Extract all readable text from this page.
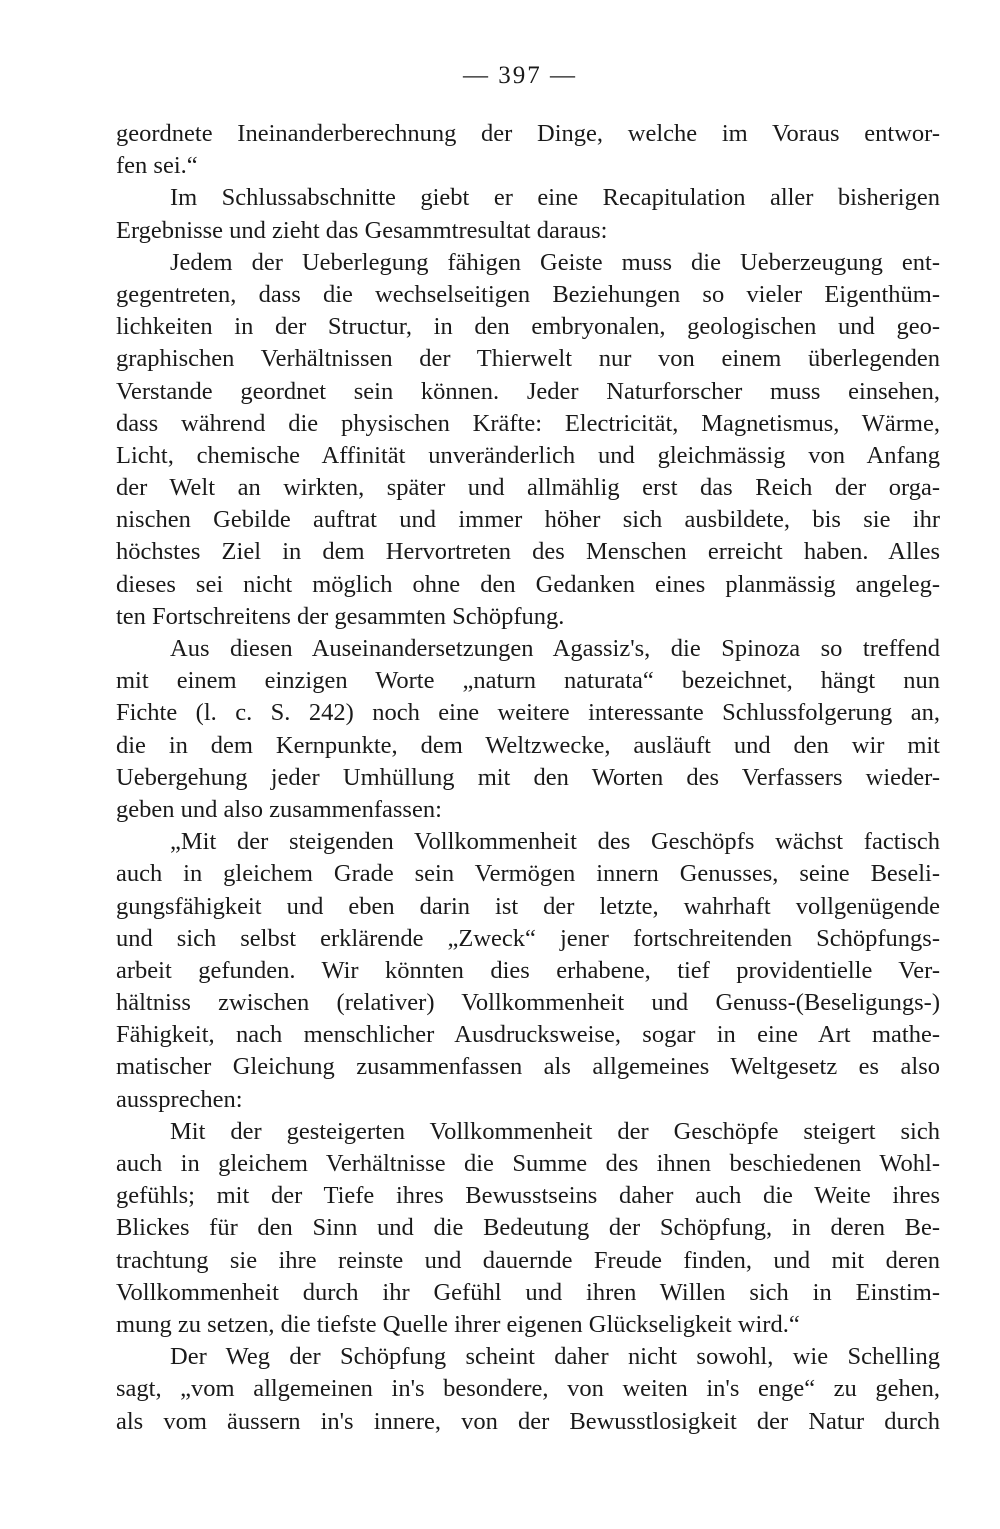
— 397 —
geordnete Ineinanderberechnung der Dinge, welche im Voraus entwor-
fen sei.“
Im Schlussabschnitte giebt er eine Recapitulation aller bisherigen
Ergebnisse und zieht das Gesammtresultat daraus:
Jedem der Ueberlegung fähigen Geiste muss die Ueberzeugung ent-
gegentreten, dass die wechselseitigen Beziehungen so vieler Eigenthüm-
lichkeiten in der Structur, in den embryonalen, geologischen und geo-
graphischen Verhältnissen der Thierwelt nur von einem überlegenden
Verstande geordnet sein können. Jeder Naturforscher muss einsehen,
dass während die physischen Kräfte: Electricität, Magnetismus, Wärme,
Licht, chemische Affinität unveränderlich und gleichmässig von Anfang
der Welt an wirkten, später und allmählig erst das Reich der orga-
nischen Gebilde auftrat und immer höher sich ausbildete, bis sie ihr
höchstes Ziel in dem Hervortreten des Menschen erreicht haben. Alles
dieses sei nicht möglich ohne den Gedanken eines planmässig angeleg-
ten Fortschreitens der gesammten Schöpfung.
Aus diesen Auseinandersetzungen Agassiz's, die Spinoza so treffend
mit einem einzigen Worte „naturn naturata“ bezeichnet, hängt nun
Fichte (l. c. S. 242) noch eine weitere interessante Schlussfolgerung an,
die in dem Kernpunkte, dem Weltzwecke, ausläuft und den wir mit
Uebergehung jeder Umhüllung mit den Worten des Verfassers wieder-
geben und also zusammenfassen:
„Mit der steigenden Vollkommenheit des Geschöpfs wächst factisch
auch in gleichem Grade sein Vermögen innern Genusses, seine Beseli-
gungsfähigkeit und eben darin ist der letzte, wahrhaft vollgenügende
und sich selbst erklärende „Zweck“ jener fortschreitenden Schöpfungs-
arbeit gefunden. Wir könnten dies erhabene, tief providentielle Ver-
hältniss zwischen (relativer) Vollkommenheit und Genuss-(Beseligungs-)
Fähigkeit, nach menschlicher Ausdrucksweise, sogar in eine Art mathe-
matischer Gleichung zusammenfassen als allgemeines Weltgesetz es also
aussprechen:
Mit der gesteigerten Vollkommenheit der Geschöpfe steigert sich
auch in gleichem Verhältnisse die Summe des ihnen beschiedenen Wohl-
gefühls; mit der Tiefe ihres Bewusstseins daher auch die Weite ihres
Blickes für den Sinn und die Bedeutung der Schöpfung, in deren Be-
trachtung sie ihre reinste und dauernde Freude finden, und mit deren
Vollkommenheit durch ihr Gefühl und ihren Willen sich in Einstim-
mung zu setzen, die tiefste Quelle ihrer eigenen Glückseligkeit wird.“
Der Weg der Schöpfung scheint daher nicht sowohl, wie Schelling
sagt, „vom allgemeinen in's besondere, von weiten in's enge“ zu gehen,
als vom äussern in's innere, von der Bewusstlosigkeit der Natur durch
